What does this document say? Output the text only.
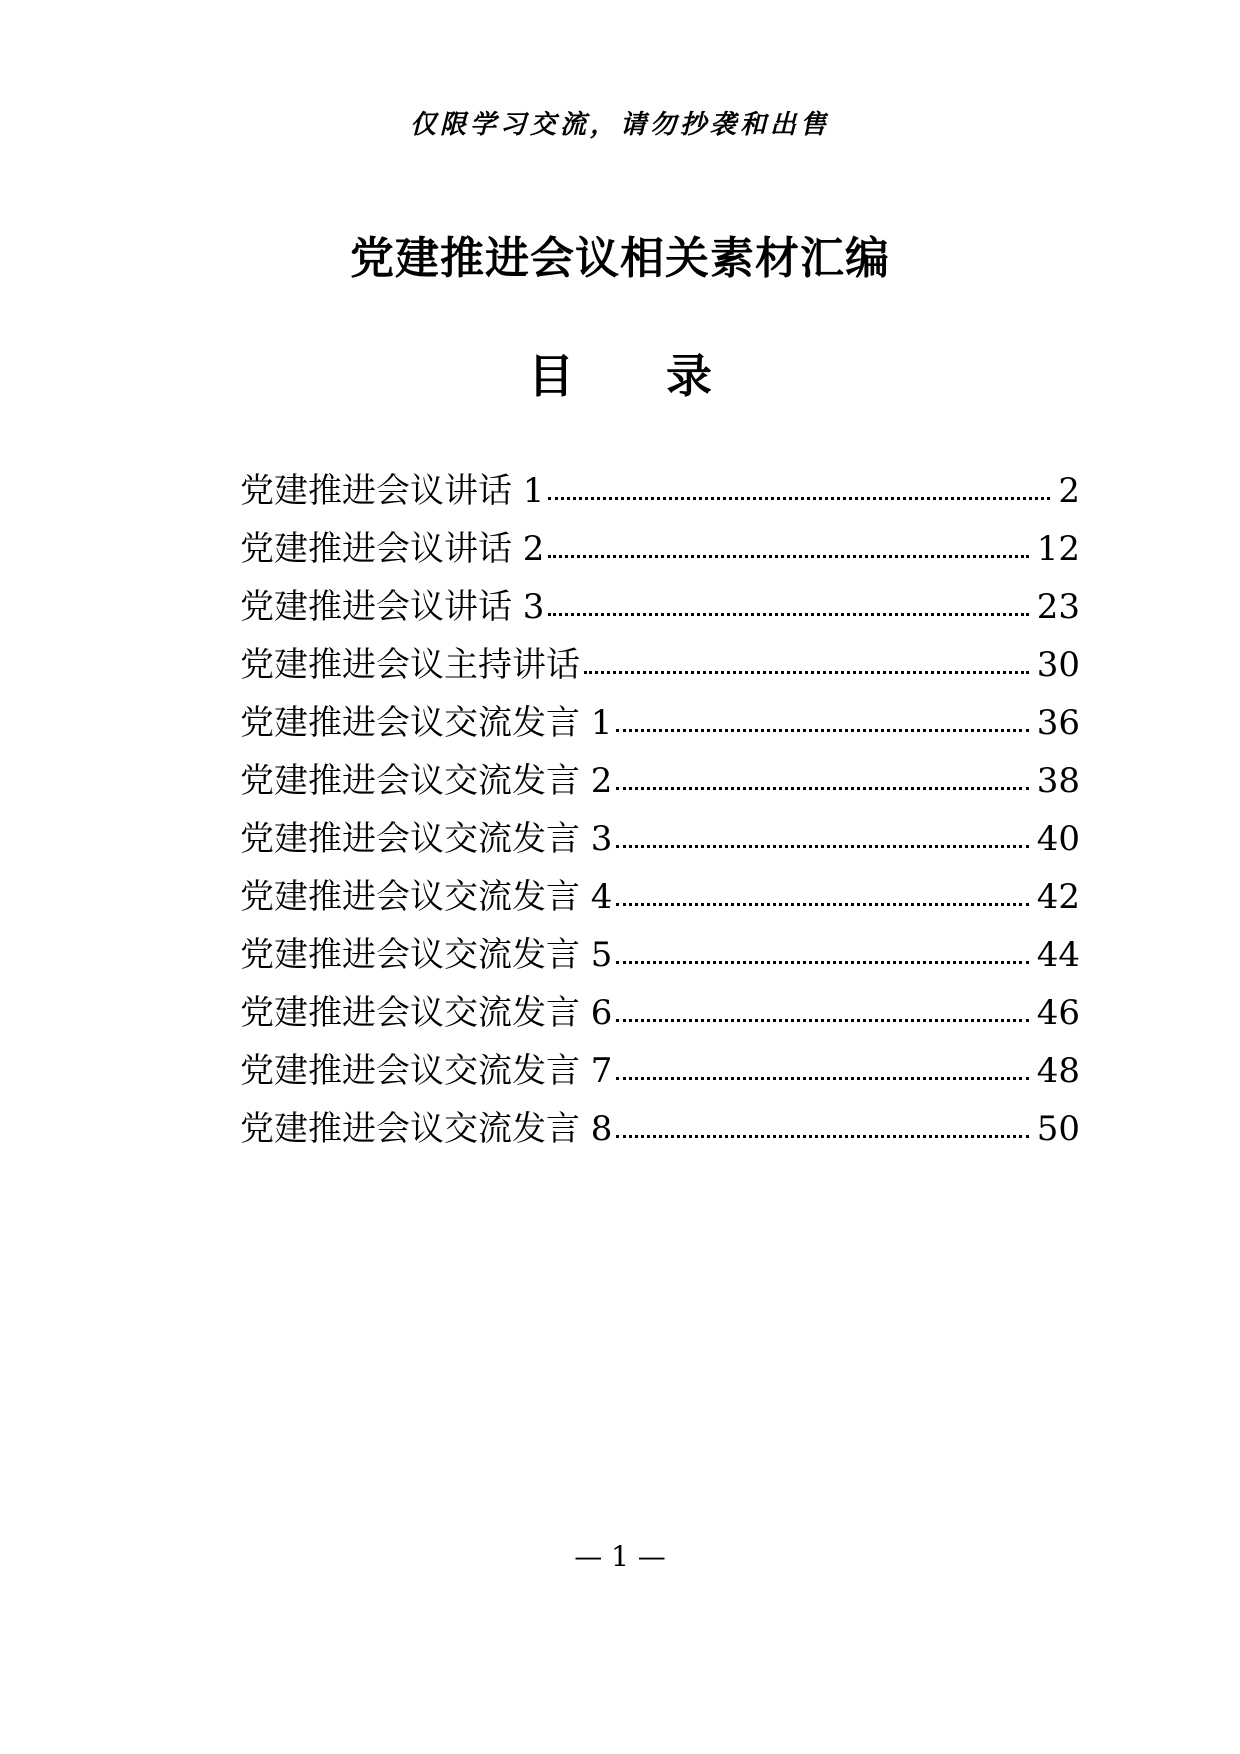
仅限学习交流，请勿抄袭和出售
党建推进会议相关素材汇编
目 录
党建推进会议讲话 1	2
党建推进会议讲话 2	12
党建推进会议讲话 3	23
党建推进会议主持讲话	30
党建推进会议交流发言 1	36
党建推进会议交流发言 2	38
党建推进会议交流发言 3	40
党建推进会议交流发言 4	42
党建推进会议交流发言 5	44
党建推进会议交流发言 6	46
党建推进会议交流发言 7	48
党建推进会议交流发言 8	50
— 1 —
